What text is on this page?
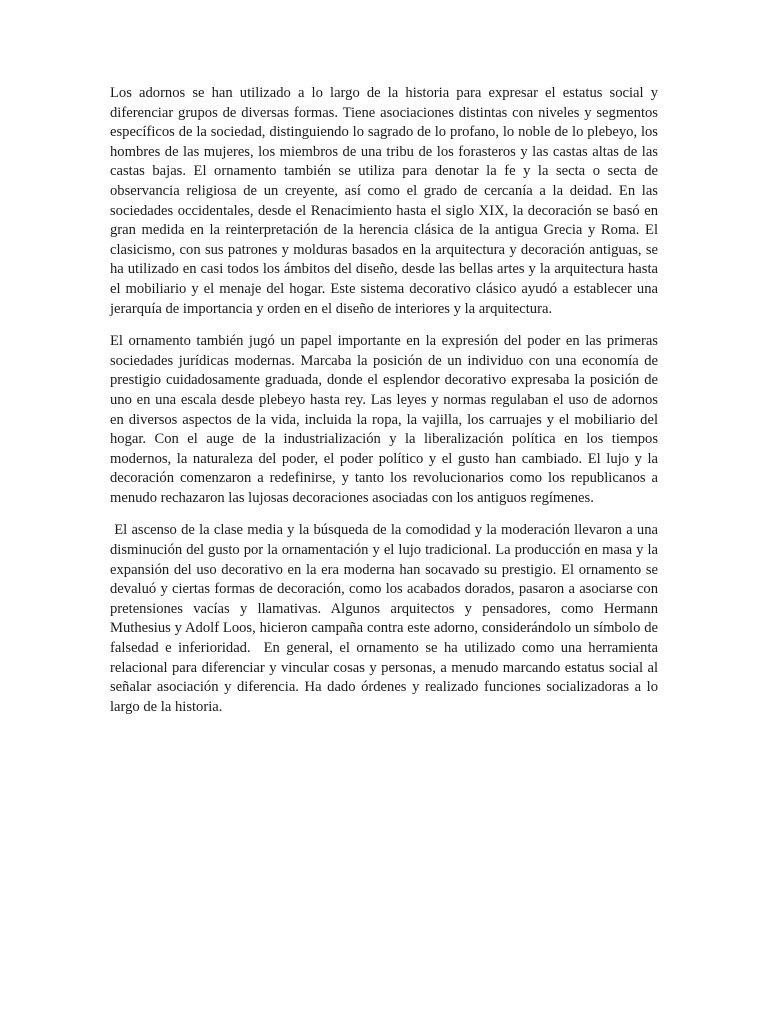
Los adornos se han utilizado a lo largo de la historia para expresar el estatus social y diferenciar grupos de diversas formas. Tiene asociaciones distintas con niveles y segmentos específicos de la sociedad, distinguiendo lo sagrado de lo profano, lo noble de lo plebeyo, los hombres de las mujeres, los miembros de una tribu de los forasteros y las castas altas de las castas bajas. El ornamento también se utiliza para denotar la fe y la secta o secta de observancia religiosa de un creyente, así como el grado de cercanía a la deidad. En las sociedades occidentales, desde el Renacimiento hasta el siglo XIX, la decoración se basó en gran medida en la reinterpretación de la herencia clásica de la antigua Grecia y Roma. El clasicismo, con sus patrones y molduras basados en la arquitectura y decoración antiguas, se ha utilizado en casi todos los ámbitos del diseño, desde las bellas artes y la arquitectura hasta el mobiliario y el menaje del hogar. Este sistema decorativo clásico ayudó a establecer una jerarquía de importancia y orden en el diseño de interiores y la arquitectura.

El ornamento también jugó un papel importante en la expresión del poder en las primeras sociedades jurídicas modernas. Marcaba la posición de un individuo con una economía de prestigio cuidadosamente graduada, donde el esplendor decorativo expresaba la posición de uno en una escala desde plebeyo hasta rey. Las leyes y normas regulaban el uso de adornos en diversos aspectos de la vida, incluida la ropa, la vajilla, los carruajes y el mobiliario del hogar. Con el auge de la industrialización y la liberalización política en los tiempos modernos, la naturaleza del poder, el poder político y el gusto han cambiado. El lujo y la decoración comenzaron a redefinirse, y tanto los revolucionarios como los republicanos a menudo rechazaron las lujosas decoraciones asociadas con los antiguos regímenes.

El ascenso de la clase media y la búsqueda de la comodidad y la moderación llevaron a una disminución del gusto por la ornamentación y el lujo tradicional. La producción en masa y la expansión del uso decorativo en la era moderna han socavado su prestigio. El ornamento se devaluó y ciertas formas de decoración, como los acabados dorados, pasaron a asociarse con pretensiones vacías y llamativas. Algunos arquitectos y pensadores, como Hermann Muthesius y Adolf Loos, hicieron campaña contra este adorno, considerándolo un símbolo de falsedad e inferioridad.  En general, el ornamento se ha utilizado como una herramienta relacional para diferenciar y vincular cosas y personas, a menudo marcando estatus social al señalar asociación y diferencia. Ha dado órdenes y realizado funciones socializadoras a lo largo de la historia.
